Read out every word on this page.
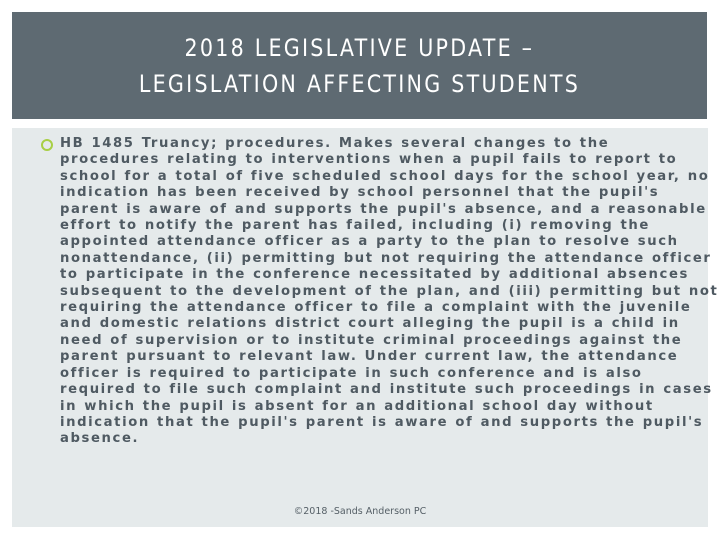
2018 LEGISLATIVE UPDATE –
LEGISLATION AFFECTING STUDENTS
HB 1485 Truancy; procedures. Makes several changes to the
procedures relating to interventions when a pupil fails to report to
school for a total of five scheduled school days for the school year, no
indication has been received by school personnel that the pupil's
parent is aware of and supports the pupil's absence, and a reasonable
effort to notify the parent has failed, including (i) removing the
appointed attendance officer as a party to the plan to resolve such
nonattendance, (ii) permitting but not requiring the attendance officer
to participate in the conference necessitated by additional absences
subsequent to the development of the plan, and (iii) permitting but not
requiring the attendance officer to file a complaint with the juvenile
and domestic relations district court alleging the pupil is a child in
need of supervision or to institute criminal proceedings against the
parent pursuant to relevant law. Under current law, the attendance
officer is required to participate in such conference and is also
required to file such complaint and institute such proceedings in cases
in which the pupil is absent for an additional school day without
indication that the pupil's parent is aware of and supports the pupil's
absence.
©2018 -Sands Anderson PC
